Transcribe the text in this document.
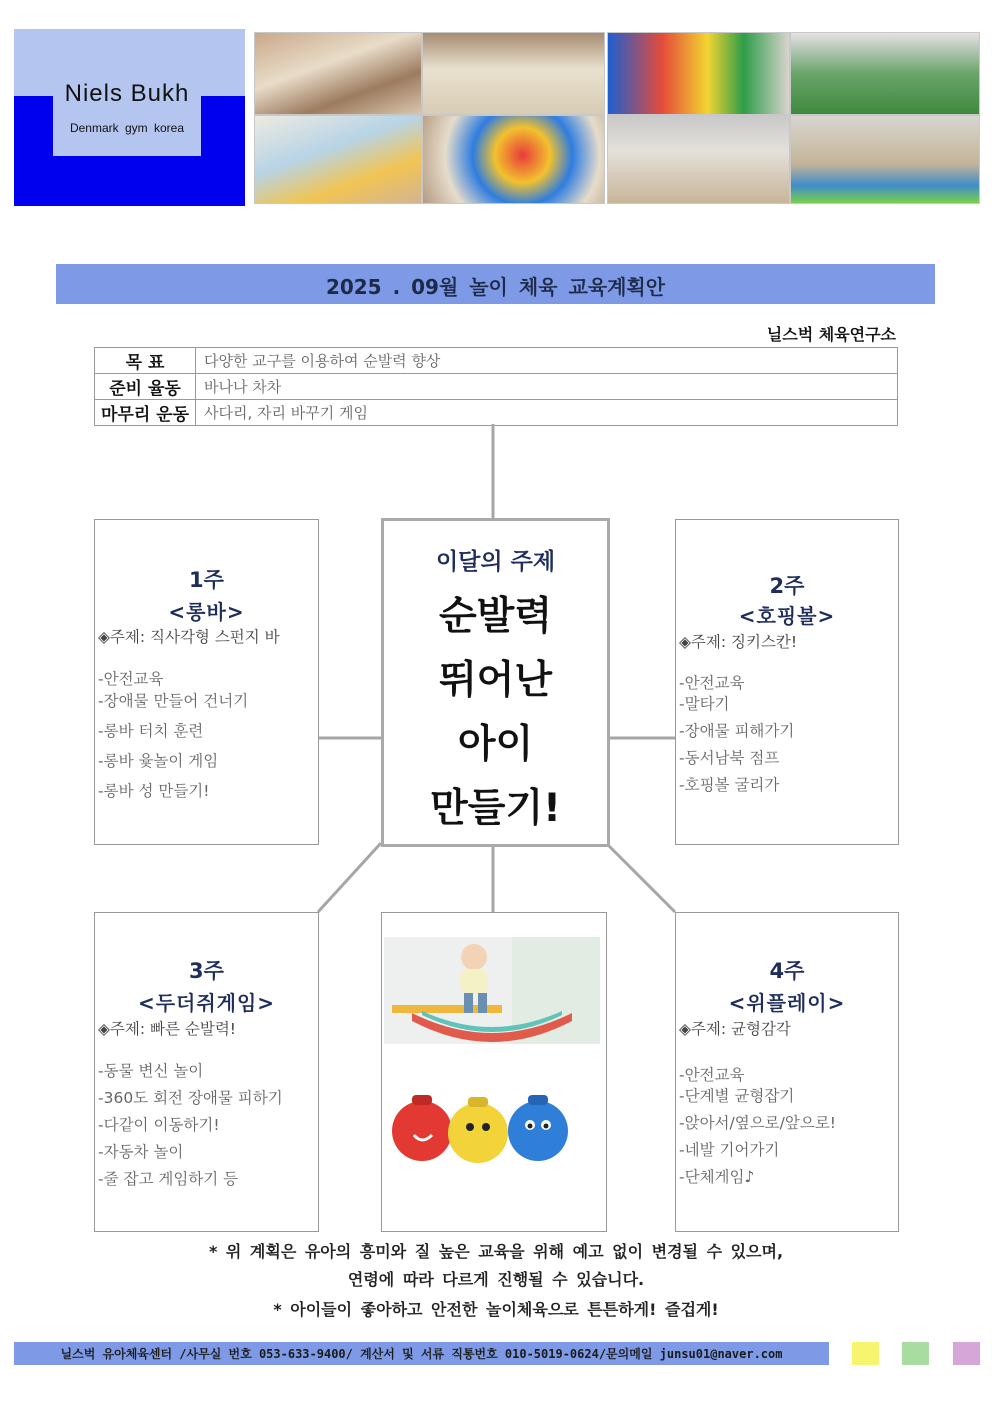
Niels Bukh
Denmark gym korea
2025 . 09월 놀이 체육 교육계획안
닐스벅 체육연구소
목 표	다양한 교구를 이용하여 순발력 향상
준비 율동	바나나 차차
마무리 운동	사다리, 자리 바꾸기 게임
1주
<롱바>
◈주제: 직사각형 스펀지 바
-안전교육
-장애물 만들어 건너기
-롱바 터치 훈련
-롱바 윷놀이 게임
-롱바 성 만들기!
이달의 주제
순발력
뛰어난
아이
만들기!
2주
<호핑볼>
◈주제: 징키스칸!
-안전교육
-말타기
-장애물 피해가기
-동서남북 점프
-호핑볼 굴리가
3주
<두더쥐게임>
◈주제: 빠른 순발력!
-동물 변신 놀이
-360도 회전 장애물 피하기
-다같이 이동하기!
-자동차 놀이
-줄 잡고 게임하기 등
4주
<위플레이>
◈주제: 균형감각
-안전교육
-단계별 균형잡기
-앉아서/옆으로/앞으로!
-네발 기어가기
-단체게임♪
* 위 계획은 유아의 흥미와 질 높은 교육을 위해 예고 없이 변경될 수 있으며,
연령에 따라 다르게 진행될 수 있습니다.
* 아이들이 좋아하고 안전한 놀이체육으로 튼튼하게! 즐겁게!
닐스벅 유아체육센터 /사무실 번호 053-633-9400/ 계산서 및 서류 직통번호 010-5019-0624/문의메일 junsu01@naver.com
